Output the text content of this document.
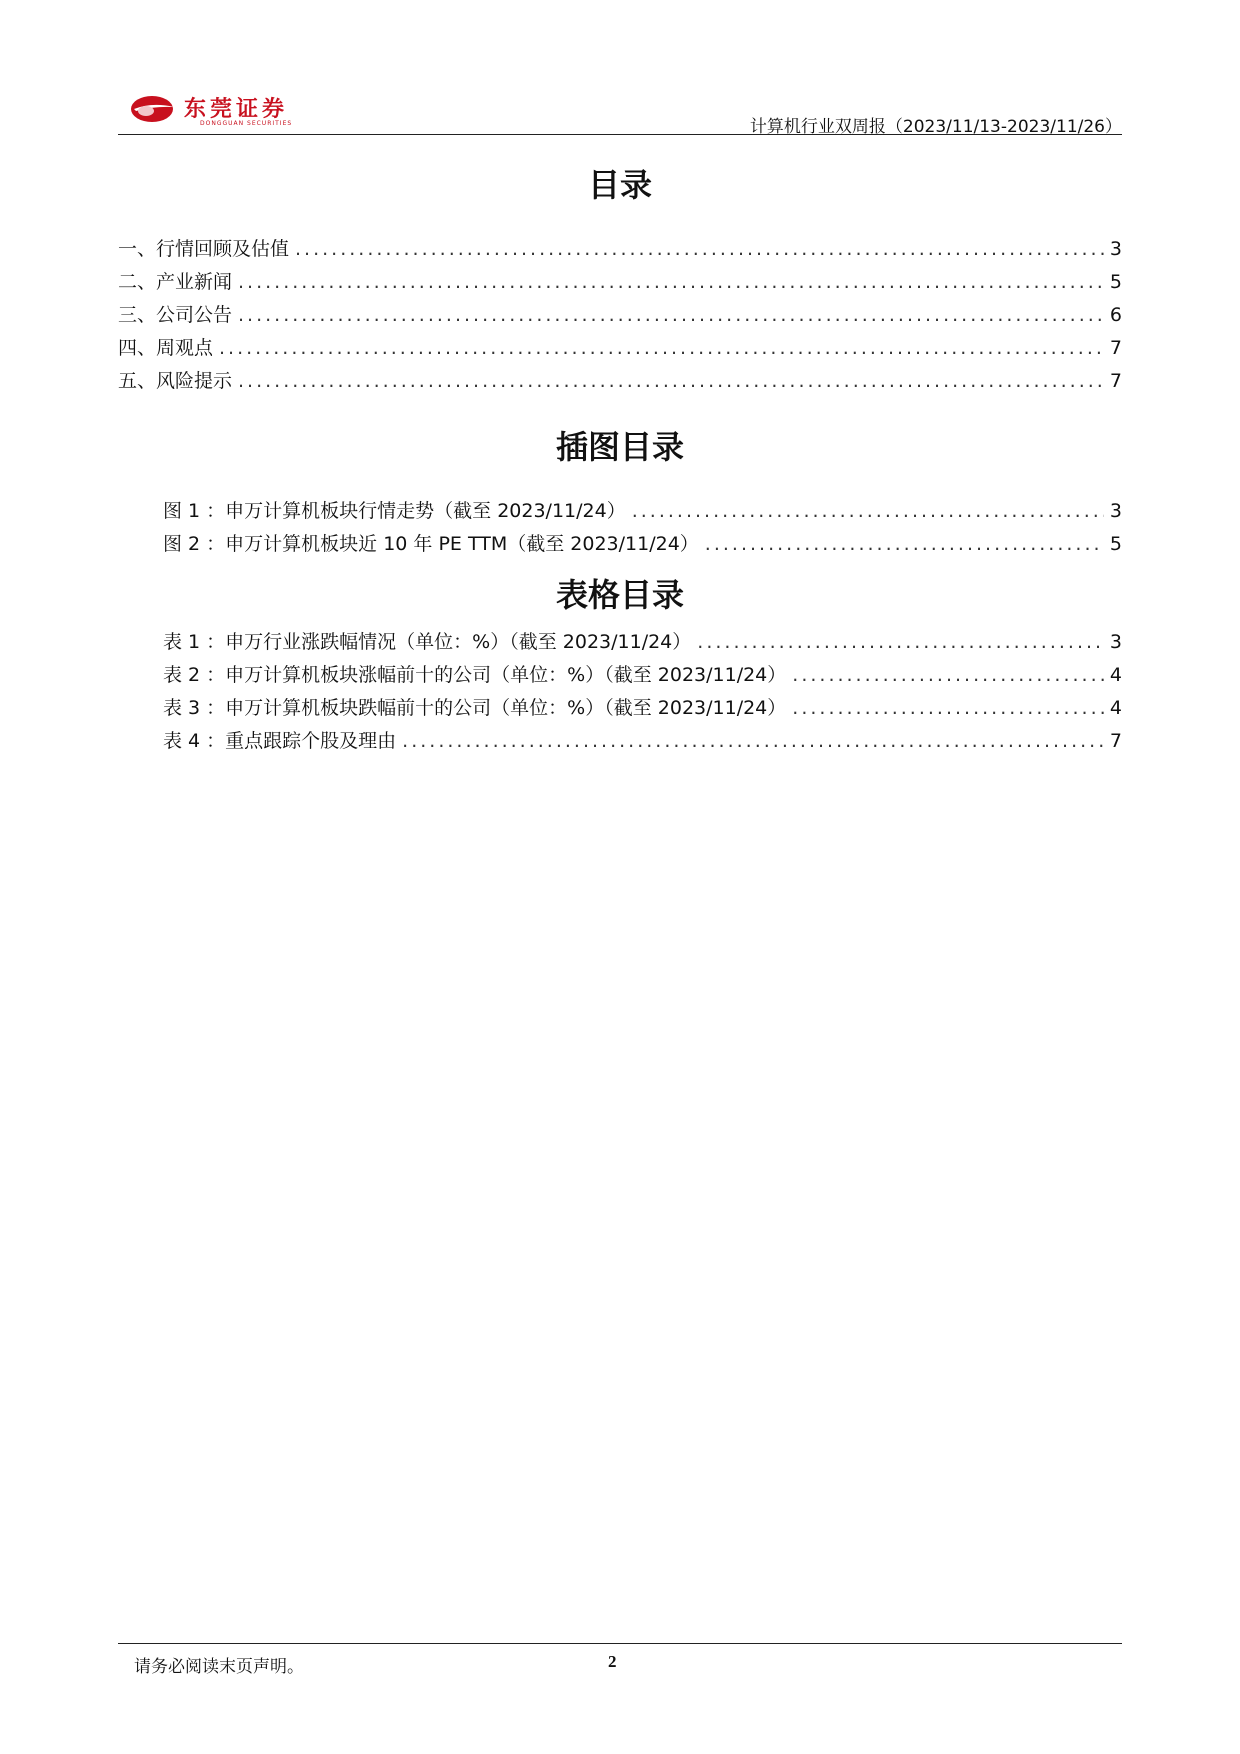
东莞证券
DONGGUAN SECURITIES	计算机行业双周报（2023/11/13-2023/11/26）
目录
一、行情回顾及估值 .....	3
二、产业新闻 .....	5
三、公司公告 .....	6
四、周观点 .....	7
五、风险提示 .....	7
插图目录
图 1 ：申万计算机板块行情走势（截至 2023/11/24） .....	3
图 2 ：申万计算机板块近 10 年 PE TTM（截至 2023/11/24） .....	5
表格目录
表 1 ：申万行业涨跌幅情况（单位：%）（截至 2023/11/24） .....	3
表 2 ：申万计算机板块涨幅前十的公司（单位：%）（截至 2023/11/24） .....	4
表 3 ：申万计算机板块跌幅前十的公司（单位：%）（截至 2023/11/24） .....	4
表 4 ：重点跟踪个股及理由 .....	7
请务必阅读末页声明。	2
